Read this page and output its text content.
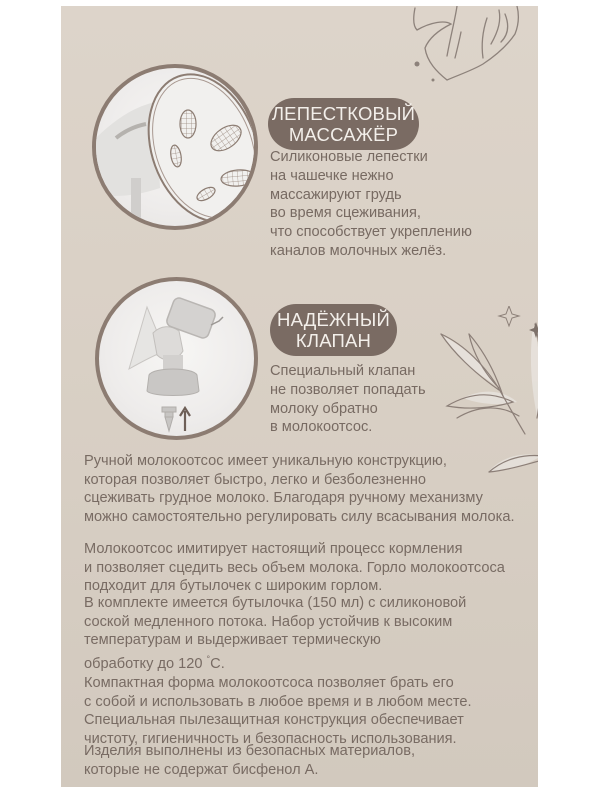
ЛЕПЕСТКОВЫЙ
МАССАЖЁР
Силиконовые лепестки
на чашечке нежно
массажируют грудь
во время сцеживания,
что способствует укреплению
каналов молочных желёз.
НАДЁЖНЫЙ
КЛАПАН
Специальный клапан
не позволяет попадать
молоку обратно
в молокоотсос.
Ручной молокоотсос имеет уникальную конструкцию,
которая позволяет быстро, легко и безболезненно
сцеживать грудное молоко. Благодаря ручному механизму
можно самостоятельно регулировать силу всасывания молока.
Молокоотсос имитирует настоящий процесс кормления
и позволяет сцедить весь объем молока. Горло молокоотсоса
подходит для бутылочек с широким горлом.
В комплекте имеется бутылочка (150 мл) с силиконовой
соской медленного потока. Набор устойчив к высоким
температурам и выдерживает термическую
обработку до 120 °С.
Компактная форма молокоотсоса позволяет брать его
с собой и использовать в любое время и в любом месте.
Специальная пылезащитная конструкция обеспечивает
чистоту, гигиеничность и безопасность использования.
Изделия выполнены из безопасных материалов,
которые не содержат бисфенол А.
